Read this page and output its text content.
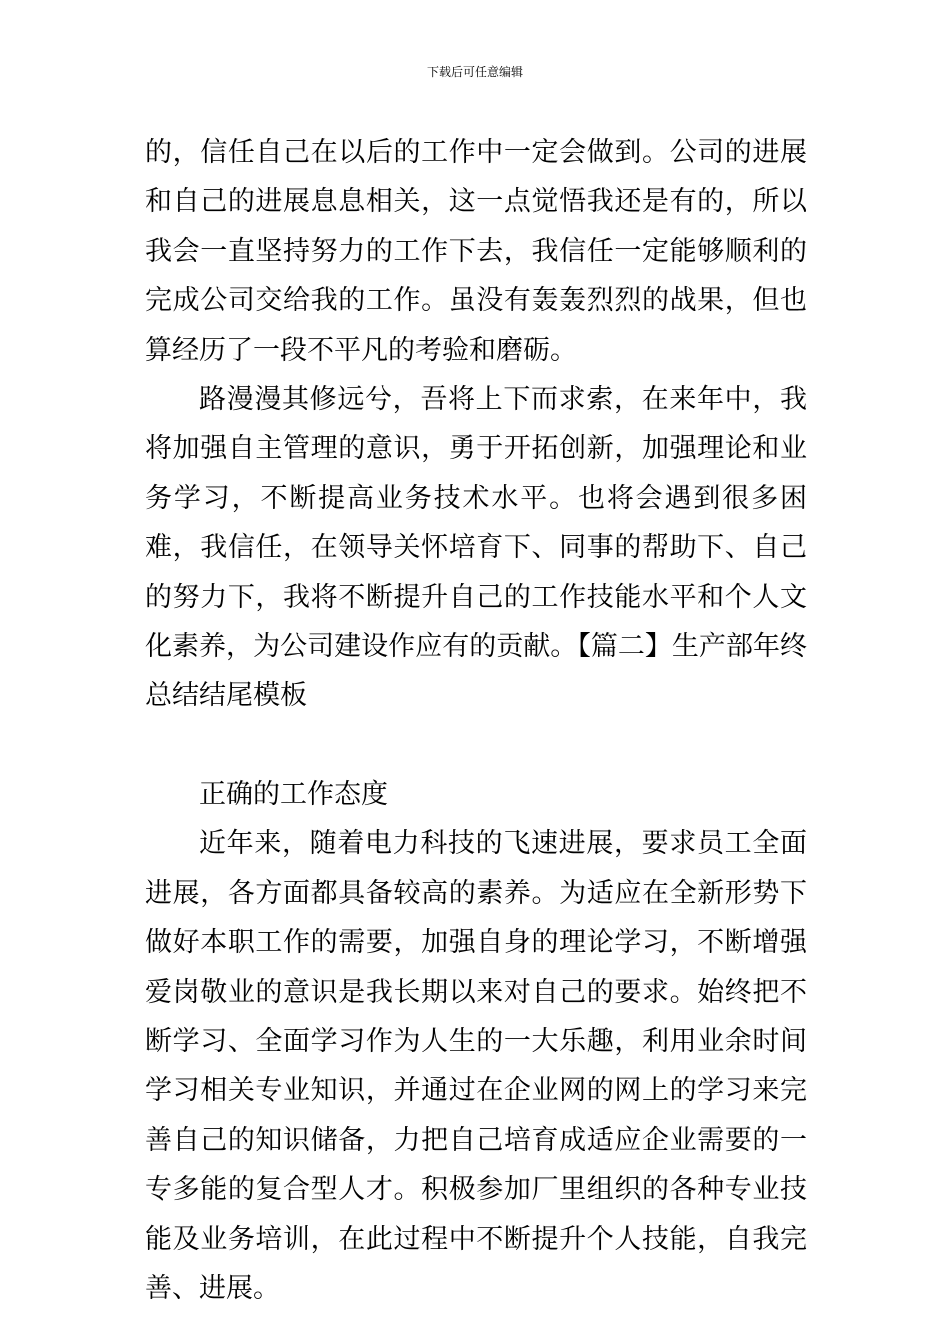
下载后可任意编辑

的，信任自己在以后的工作中一定会做到。公司的进展和自己的进展息息相关，这一点觉悟我还是有的，所以我会一直坚持努力的工作下去，我信任一定能够顺利的完成公司交给我的工作。虽没有轰轰烈烈的战果，但也算经历了一段不平凡的考验和磨砺。

路漫漫其修远兮，吾将上下而求索，在来年中，我将加强自主管理的意识，勇于开拓创新，加强理论和业务学习，不断提高业务技术水平。也将会遇到很多困难，我信任，在领导关怀培育下、同事的帮助下、自己的努力下，我将不断提升自己的工作技能水平和个人文化素养，为公司建设作应有的贡献。【篇二】生产部年终总结结尾模板

正确的工作态度

近年来，随着电力科技的飞速进展，要求员工全面进展，各方面都具备较高的素养。为适应在全新形势下做好本职工作的需要，加强自身的理论学习，不断增强爱岗敬业的意识是我长期以来对自己的要求。始终把不断学习、全面学习作为人生的一大乐趣，利用业余时间学习相关专业知识，并通过在企业网的网上的学习来完善自己的知识储备，力把自己培育成适应企业需要的一专多能的复合型人才。积极参加厂里组织的各种专业技能及业务培训，在此过程中不断提升个人技能，自我完善、进展。
